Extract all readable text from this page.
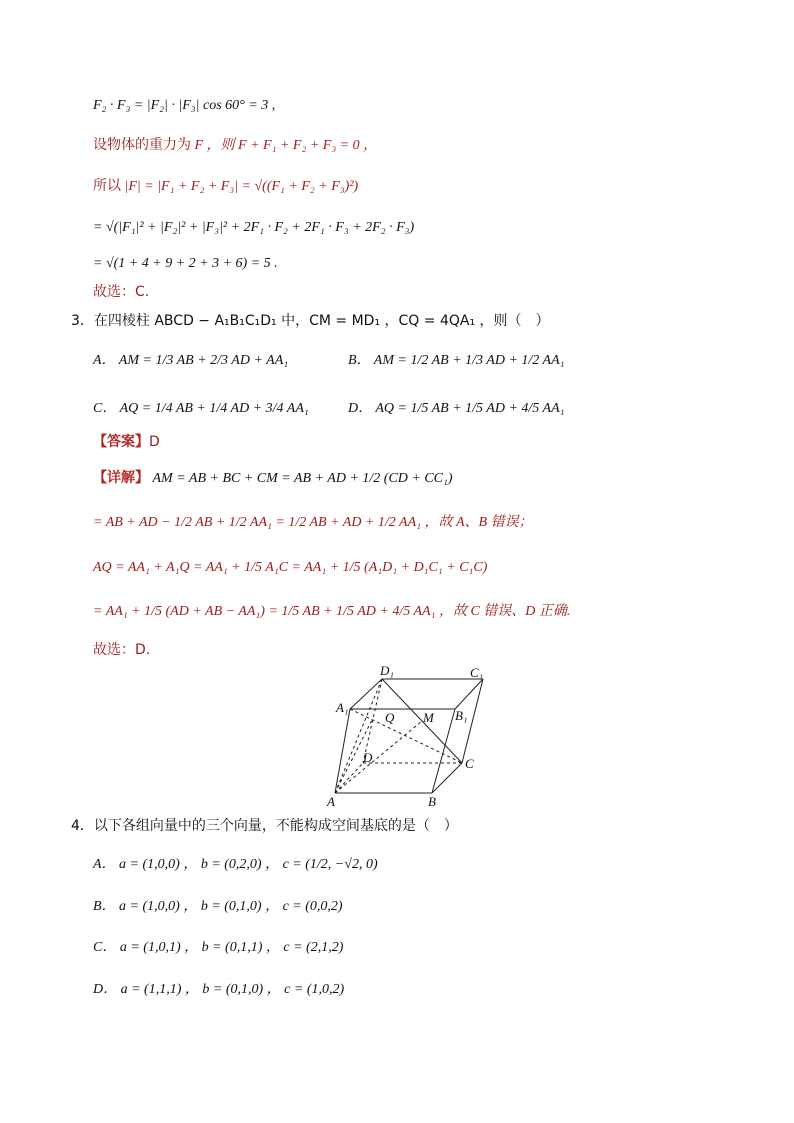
F₂ · F₃ = |F₂| · |F₃| cos 60° = 3 ,
设物体的重力为 F ，则 F + F₁ + F₂ + F₃ = 0 ，
所以 |F| = |F₁ + F₂ + F₃| = √((F₁ + F₂ + F₃)²)
= √(|F₁|² + |F₂|² + |F₃|² + 2F₁ · F₂ + 2F₁ · F₃ + 2F₂ · F₃)
= √(1 + 4 + 9 + 2 + 3 + 6) = 5 .
故选：C.
3．在四棱柱 ABCD − A₁B₁C₁D₁ 中，CM = MD₁ ，CQ = 4QA₁ ，则（　）
A． AM = 1/3 AB + 2/3 AD + AA₁	B． AM = 1/2 AB + 1/3 AD + 1/2 AA₁
C． AQ = 1/4 AB + 1/4 AD + 3/4 AA₁	D． AQ = 1/5 AB + 1/5 AD + 4/5 AA₁
【答案】D
【详解】 AM = AB + BC + CM = AB + AD + 1/2 (CD + CC₁)
= AB + AD − 1/2 AB + 1/2 AA₁ = 1/2 AB + AD + 1/2 AA₁ ，故 A、B 错误；
AQ = AA₁ + A₁Q = AA₁ + 1/5 A₁C = AA₁ + 1/5 (A₁D₁ + D₁C₁ + C₁C)
= AA₁ + 1/5 (AD + AB − AA₁) = 1/5 AB + 1/5 AD + 4/5 AA₁ ，故 C 错误、D 正确.
故选：D.
A	B
C
D
A₁
B₁
C₁
D₁
Q M
4．以下各组向量中的三个向量，不能构成空间基底的是（　）
A． a = (1,0,0) ， b = (0,2,0) ， c = (1/2, −√2, 0)
B． a = (1,0,0) ， b = (0,1,0) ， c = (0,0,2)
C． a = (1,0,1) ， b = (0,1,1) ， c = (2,1,2)
D． a = (1,1,1) ， b = (0,1,0) ， c = (1,0,2)
